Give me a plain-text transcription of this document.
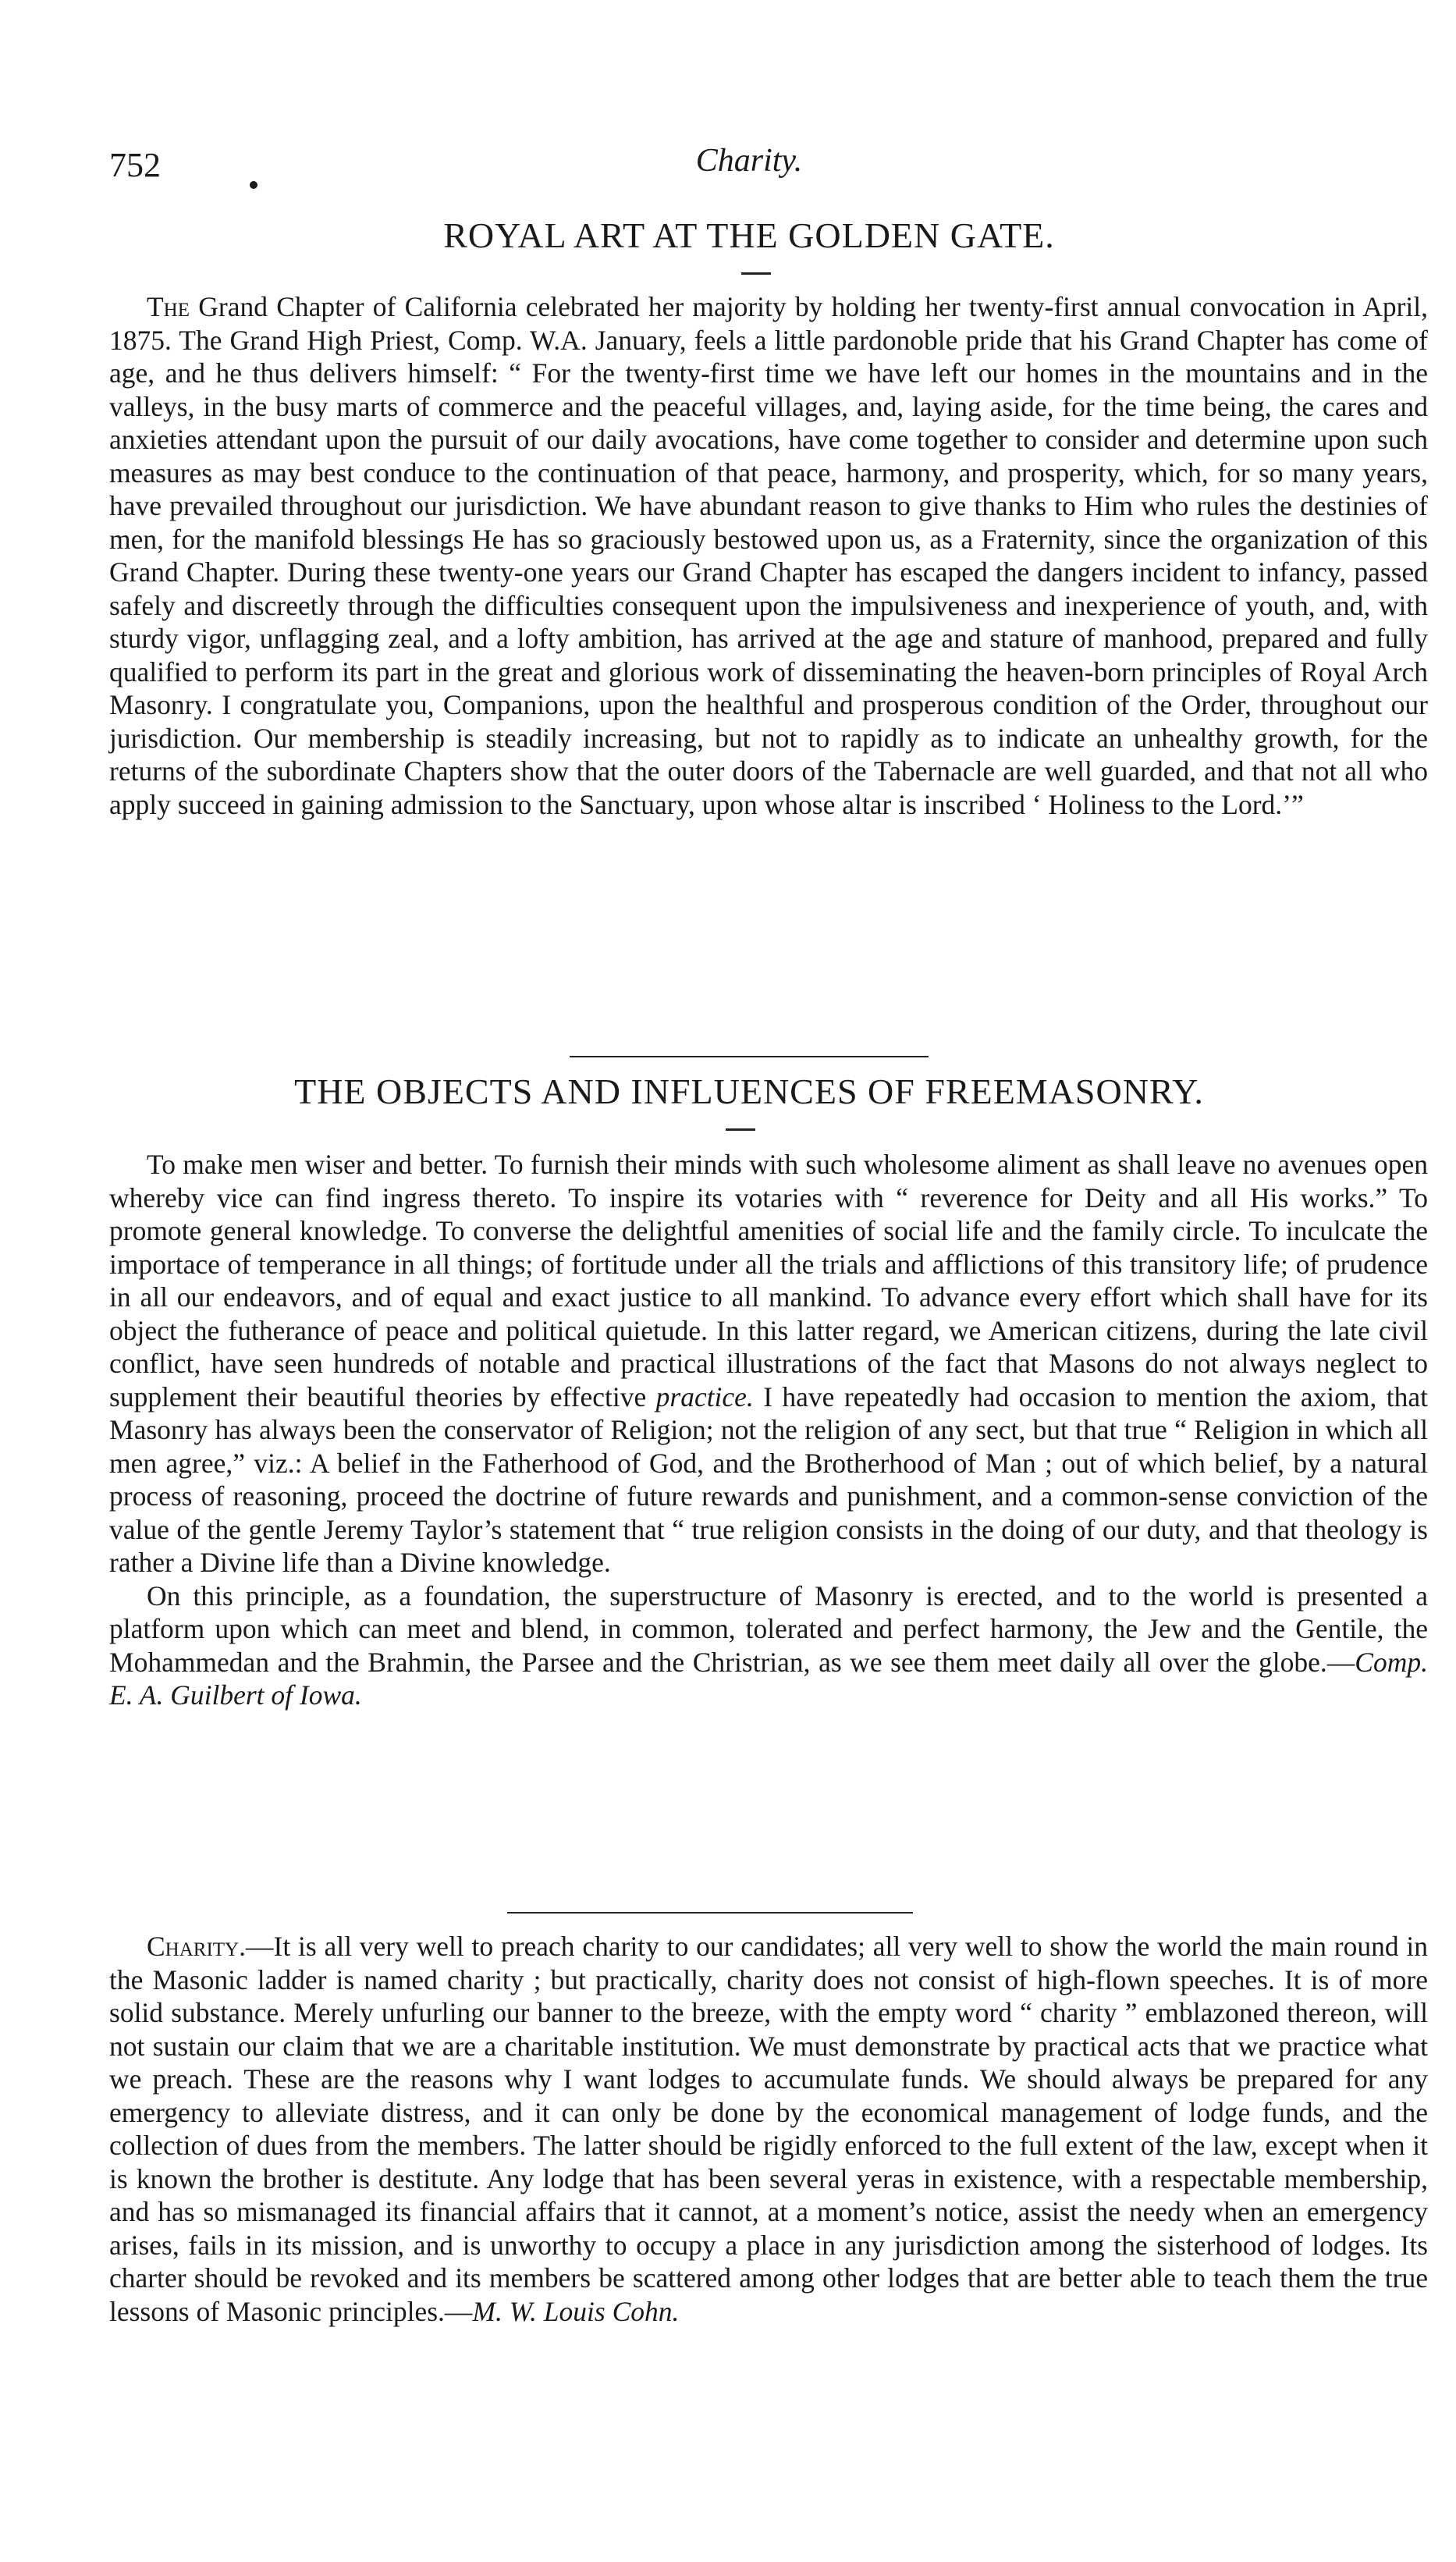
752	Charity.
ROYAL ART AT THE GOLDEN GATE.

The Grand Chapter of California celebrated her majority by holding her twenty-first annual convocation in April, 1875. The Grand High Priest, Comp. W.A. January, feels a little pardonoble pride that his Grand Chapter has come of age, and he thus delivers himself: “ For the twenty-first time we have left our homes in the mountains and in the valleys, in the busy marts of commerce and the peaceful villages, and, laying aside, for the time being, the cares and anxieties attendant upon the pursuit of our daily avocations, have come together to consider and determine upon such measures as may best conduce to the continuation of that peace, harmony, and prosperity, which, for so many years, have prevailed throughout our jurisdiction. We have abundant reason to give thanks to Him who rules the destinies of men, for the manifold blessings He has so graciously bestowed upon us, as a Fraternity, since the organization of this Grand Chapter. During these twenty-one years our Grand Chapter has escaped the dangers incident to infancy, passed safely and discreetly through the difficulties consequent upon the impulsiveness and inexperience of youth, and, with sturdy vigor, unflagging zeal, and a lofty ambition, has arrived at the age and stature of manhood, prepared and fully qualified to perform its part in the great and glorious work of disseminating the heaven-born principles of Royal Arch Masonry. I congratulate you, Companions, upon the healthful and prosperous condition of the Order, throughout our jurisdiction. Our membership is steadily increasing, but not to rapidly as to indicate an unhealthy growth, for the returns of the subordinate Chapters show that the outer doors of the Tabernacle are well guarded, and that not all who apply succeed in gaining admission to the Sanctuary, upon whose altar is inscribed ‘ Holiness to the Lord.’”

THE OBJECTS AND INFLUENCES OF FREEMASONRY.

To make men wiser and better. To furnish their minds with such wholesome aliment as shall leave no avenues open whereby vice can find ingress thereto. To inspire its votaries with “ reverence for Deity and all His works.” To promote general knowledge. To converse the delightful amenities of social life and the family circle. To inculcate the importace of temperance in all things; of fortitude under all the trials and afflictions of this transitory life; of prudence in all our endeavors, and of equal and exact justice to all mankind. To advance every effort which shall have for its object the futherance of peace and political quietude. In this latter regard, we American citizens, during the late civil conflict, have seen hundreds of notable and practical illustrations of the fact that Masons do not always neglect to supplement their beautiful theories by effective practice. I have repeatedly had occasion to mention the axiom, that Masonry has always been the conservator of Religion; not the religion of any sect, but that true “ Religion in which all men agree,” viz.: A belief in the Fatherhood of God, and the Brotherhood of Man ; out of which belief, by a natural process of reasoning, proceed the doctrine of future rewards and punishment, and a common-sense conviction of the value of the gentle Jeremy Taylor’s statement that “ true religion consists in the doing of our duty, and that theology is rather a Divine life than a Divine knowledge.

On this principle, as a foundation, the superstructure of Masonry is erected, and to the world is presented a platform upon which can meet and blend, in common, tolerated and perfect harmony, the Jew and the Gentile, the Mohammedan and the Brahmin, the Parsee and the Christrian, as we see them meet daily all over the globe.—Comp. E. A. Guilbert of Iowa.

Charity.—It is all very well to preach charity to our candidates; all very well to show the world the main round in the Masonic ladder is named charity ; but practically, charity does not consist of high-flown speeches. It is of more solid substance. Merely unfurling our banner to the breeze, with the empty word “ charity ” emblazoned thereon, will not sustain our claim that we are a charitable institution. We must demonstrate by practical acts that we practice what we preach. These are the reasons why I want lodges to accumulate funds. We should always be prepared for any emergency to alleviate distress, and it can only be done by the economical management of lodge funds, and the collection of dues from the members. The latter should be rigidly enforced to the full extent of the law, except when it is known the brother is destitute. Any lodge that has been several yeras in existence, with a respectable membership, and has so mismanaged its financial affairs that it cannot, at a moment’s notice, assist the needy when an emergency arises, fails in its mission, and is unworthy to occupy a place in any jurisdiction among the sisterhood of lodges. Its charter should be revoked and its members be scattered among other lodges that are better able to teach them the true lessons of Masonic principles.—M. W. Louis Cohn.
